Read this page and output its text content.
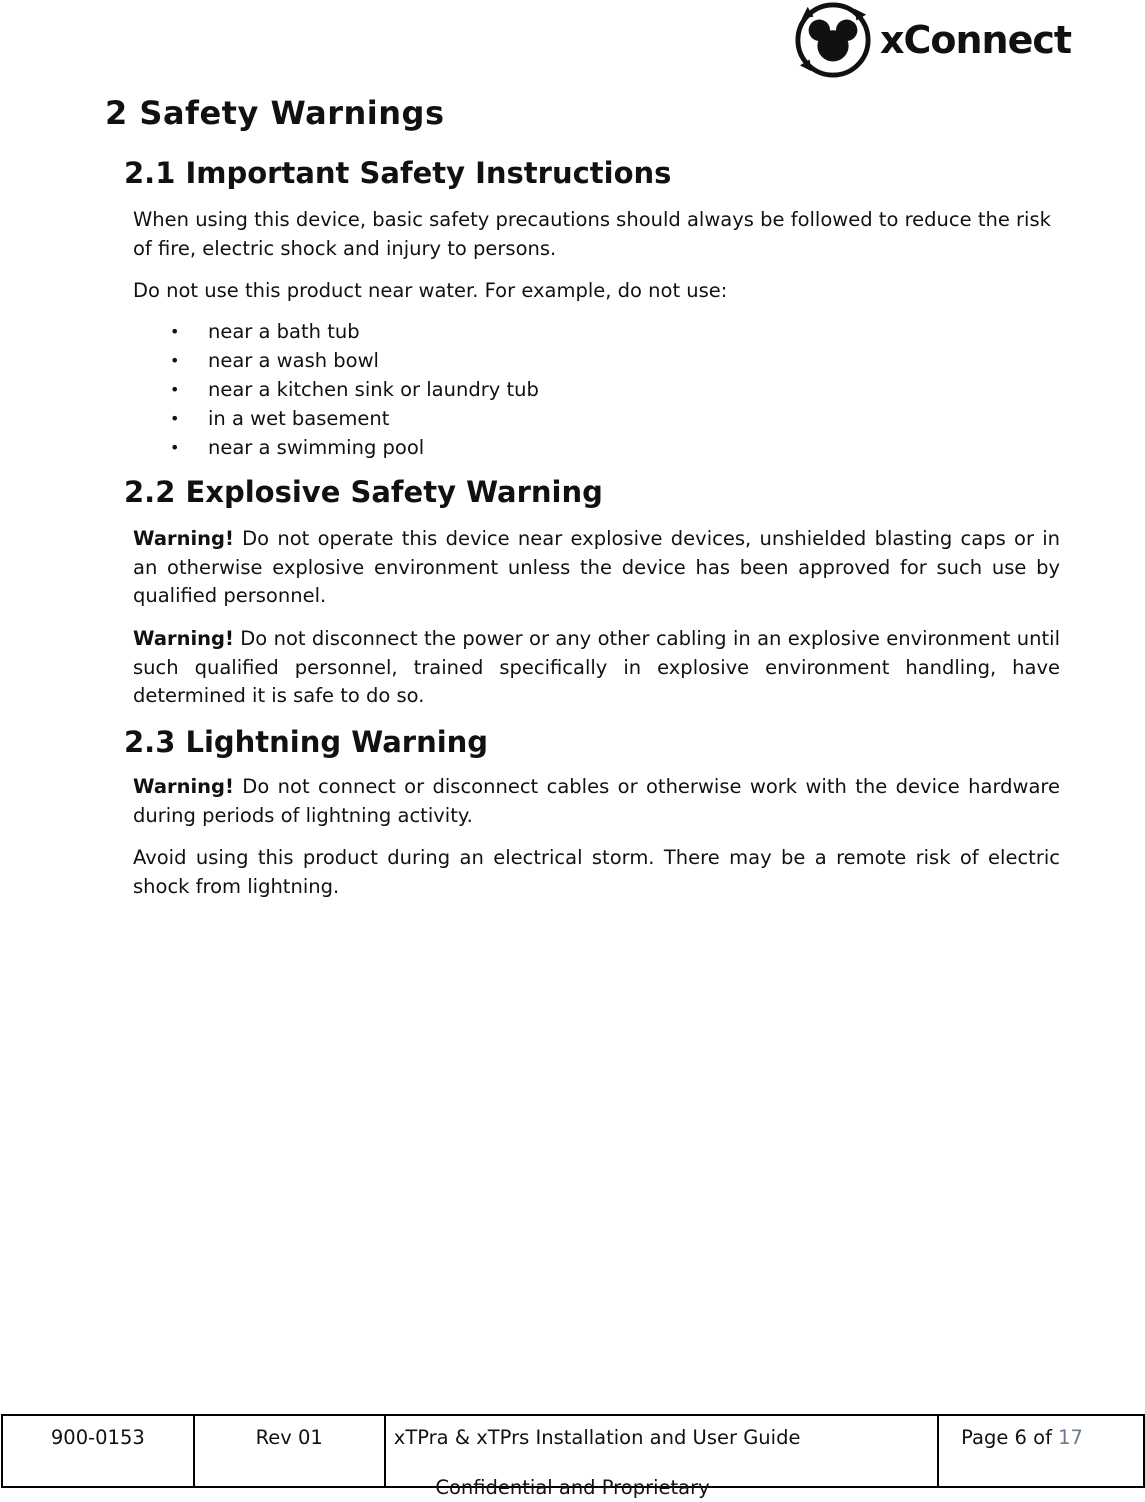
xConnect
2 Safety Warnings
2.1 Important Safety Instructions

When using this device, basic safety precautions should always be followed to reduce the risk of fire, electric shock and injury to persons.

Do not use this product near water. For example, do not use:

• near a bath tub
• near a wash bowl
• near a kitchen sink or laundry tub
• in a wet basement
• near a swimming pool
2.2 Explosive Safety Warning

Warning! Do not operate this device near explosive devices, unshielded blasting caps or in an otherwise explosive environment unless the device has been approved for such use by qualified personnel.

Warning! Do not disconnect the power or any other cabling in an explosive environment until such qualified personnel, trained specifically in explosive environment handling, have determined it is safe to do so.

2.3 Lightning Warning

Warning! Do not connect or disconnect cables or otherwise work with the device hardware during periods of lightning activity.

Avoid using this product during an electrical storm. There may be a remote risk of electric shock from lightning.

900-0153	Rev 01	xTPra & xTPrs Installation and User Guide	Page 6 of 17
Confidential and Proprietary
